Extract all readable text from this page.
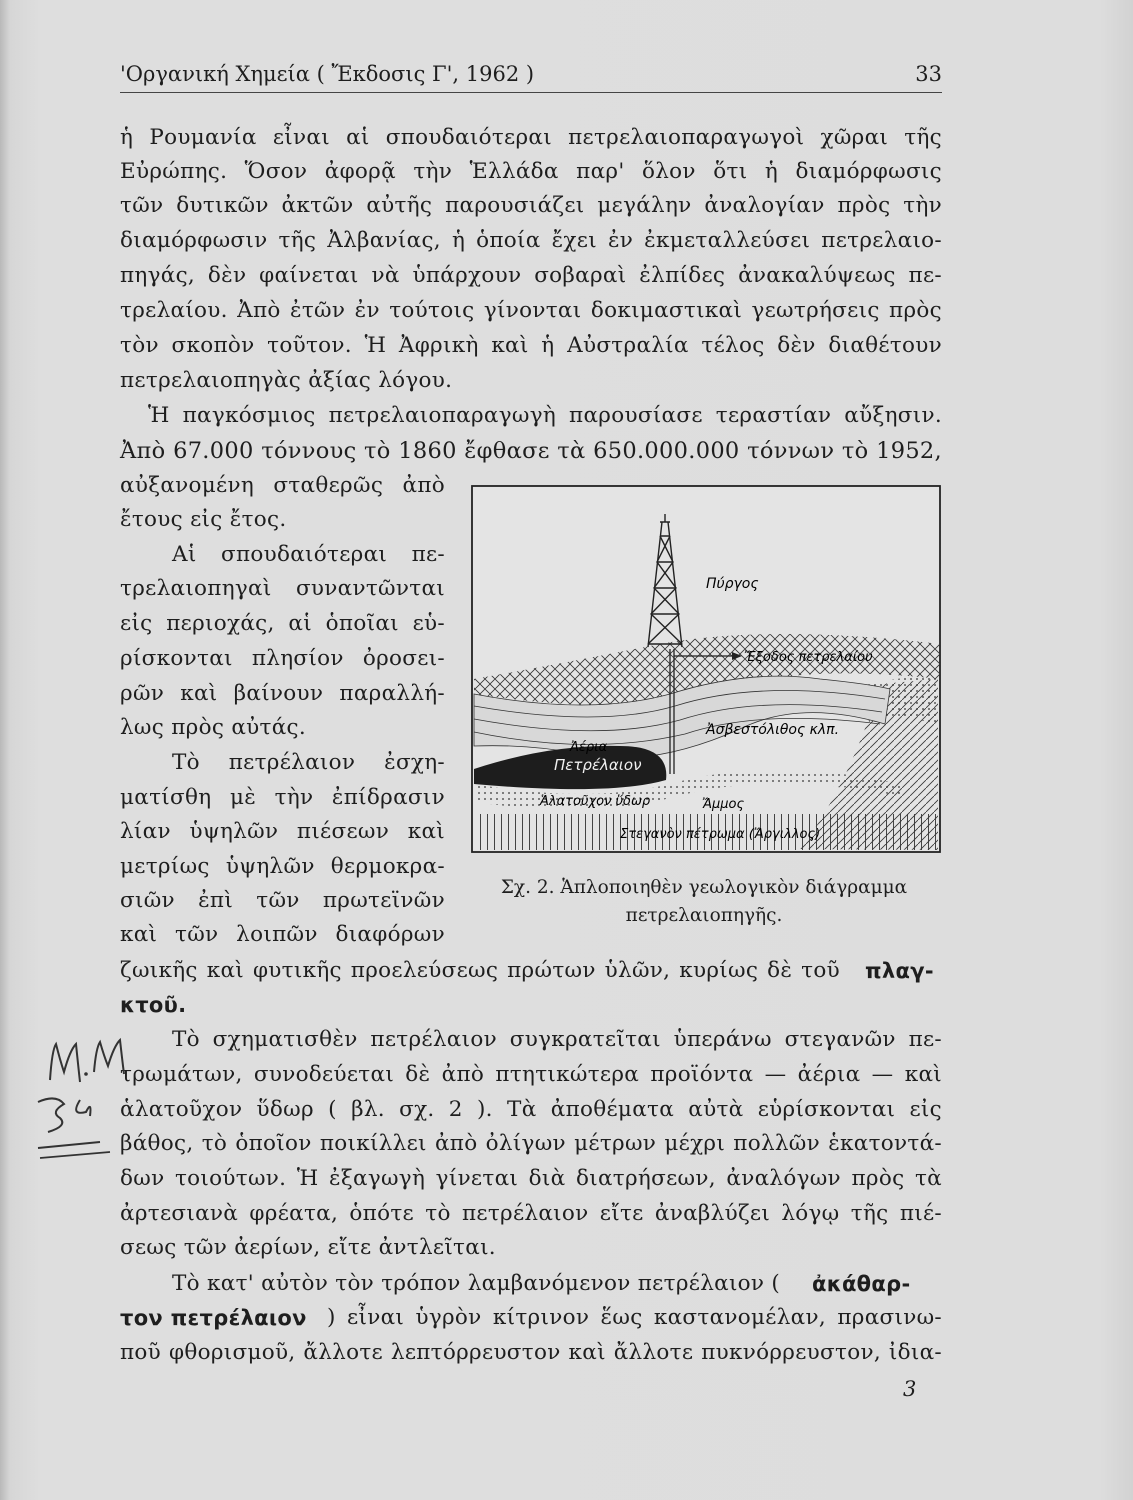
'Οργανική Χημεία ( Ἔκδοσις Γ', 1962 )	33
ἡ Ρουμανία εἶναι αἱ σπουδαιότεραι πετρελαιοπαραγωγοὶ χῶραι τῆς
Εὐρώπης. Ὅσον ἀφορᾷ τὴν Ἑλλάδα παρ' ὅλον ὅτι ἡ διαμόρφωσις
τῶν δυτικῶν ἀκτῶν αὐτῆς παρουσιάζει μεγάλην ἀναλογίαν πρὸς τὴν
διαμόρφωσιν τῆς Ἀλβανίας, ἡ ὁποία ἔχει ἐν ἐκμεταλλεύσει πετρελαιο-
πηγάς, δὲν φαίνεται νὰ ὑπάρχουν σοβαραὶ ἐλπίδες ἀνακαλύψεως πε-
τρελαίου. Ἀπὸ ἐτῶν ἐν τούτοις γίνονται δοκιμαστικαὶ γεωτρήσεις πρὸς
τὸν σκοπὸν τοῦτον. Ἡ Ἀφρικὴ καὶ ἡ Αὐστραλία τέλος δὲν διαθέτουν
πετρελαιοπηγὰς ἀξίας λόγου.
Ἡ παγκόσμιος πετρελαιοπαραγωγὴ παρουσίασε τεραστίαν αὔξησιν.
Ἀπὸ 67.000 τόννους τὸ 1860 ἔφθασε τὰ 650.000.000 τόννων τὸ 1952,
αὐξανομένη σταθερῶς ἀπὸ
ἔτους εἰς ἔτος.
Αἱ σπουδαιότεραι πε-
τρελαιοπηγαὶ συναντῶνται
εἰς περιοχάς, αἱ ὁποῖαι εὑ-
ρίσκονται πλησίον ὀροσει-
ρῶν καὶ βαίνουν παραλλή-
λως πρὸς αὐτάς.
Τὸ πετρέλαιον ἐσχη-
ματίσθη μὲ τὴν ἐπίδρασιν
λίαν ὑψηλῶν πιέσεων καὶ
μετρίως ὑψηλῶν θερμοκρα-
σιῶν ἐπὶ τῶν πρωτεϊνῶν
καὶ τῶν λοιπῶν διαφόρων
Πύργος
Ἔξοδος πετρελαίου
Ἀσβεστόλιθος κλπ.
Ἀέρια
Πετρέλαιον
Ἁλατοῦχον ὕδωρ	Ἄμμος
Στεγανὸν πέτρωμα (Ἄργιλλος)
Σχ. 2. Ἁπλοποιηθὲν γεωλογικὸν διάγραμμα
πετρελαιοπηγῆς.
ζωικῆς καὶ φυτικῆς προελεύσεως πρώτων ὑλῶν, κυρίως δὲ τοῦ πλαγ-
κτοῦ.
Τὸ σχηματισθὲν πετρέλαιον συγκρατεῖται ὑπεράνω στεγανῶν πε-
τρωμάτων, συνοδεύεται δὲ ἀπὸ πτητικώτερα προϊόντα — ἀέρια — καὶ
ἁλατοῦχον ὕδωρ ( βλ. σχ. 2 ). Τὰ ἀποθέματα αὐτὰ εὑρίσκονται εἰς
βάθος, τὸ ὁποῖον ποικίλλει ἀπὸ ὀλίγων μέτρων μέχρι πολλῶν ἑκατοντά-
δων τοιούτων. Ἡ ἐξαγωγὴ γίνεται διὰ διατρήσεων, ἀναλόγων πρὸς τὰ
ἀρτεσιανὰ φρέατα, ὁπότε τὸ πετρέλαιον εἴτε ἀναβλύζει λόγῳ τῆς πιέ-
σεως τῶν ἀερίων, εἴτε ἀντλεῖται.
Τὸ κατ' αὐτὸν τὸν τρόπον λαμβανόμενον πετρέλαιον ( ἀκάθαρ-
τον πετρέλαιον ) εἶναι ὑγρὸν κίτρινον ἕως καστανομέλαν, πρασινω-
ποῦ φθορισμοῦ, ἄλλοτε λεπτόρρευστον καὶ ἄλλοτε πυκνόρρευστον, ἰδια-
3
